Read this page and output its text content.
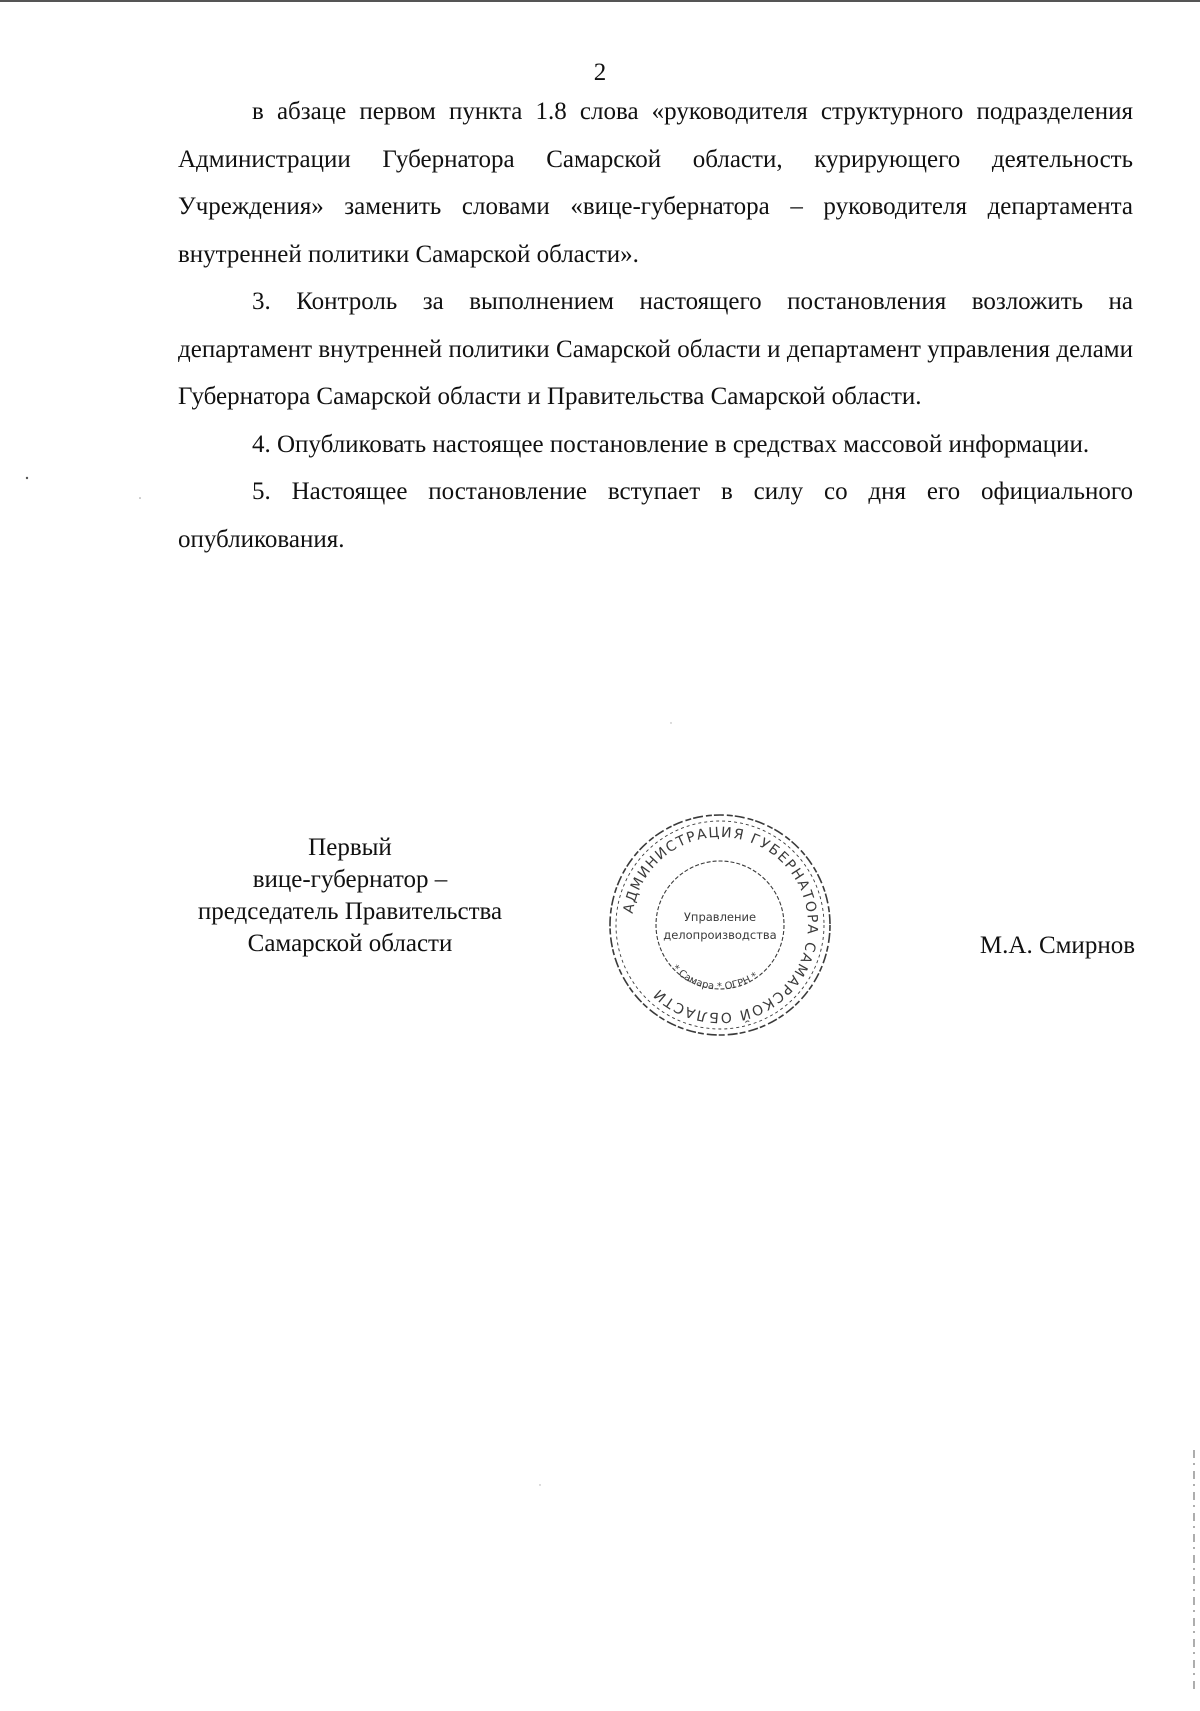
2

в абзаце первом пункта 1.8 слова «руководителя структурного подразделения Администрации Губернатора Самарской области, курирующего деятельность Учреждения» заменить словами «вице-губернатора – руководителя департамента внутренней политики Самарской области».

3. Контроль за выполнением настоящего постановления возложить на департамент внутренней политики Самарской области и департамент управления делами Губернатора Самарской области и Правительства Самарской области.

4. Опубликовать настоящее постановление в средствах массовой информации.

5. Настоящее постановление вступает в силу со дня его официального опубликования.

Первый
вице-губернатор –
председатель Правительства
Самарской области	М.А. Смирнов
АДМИНИСТРАЦИЯ ГУБЕРНАТОРА САМАРСКОЙ ОБЛАСТИ
Управление
делопроизводства
* Самара * ОГРН *
